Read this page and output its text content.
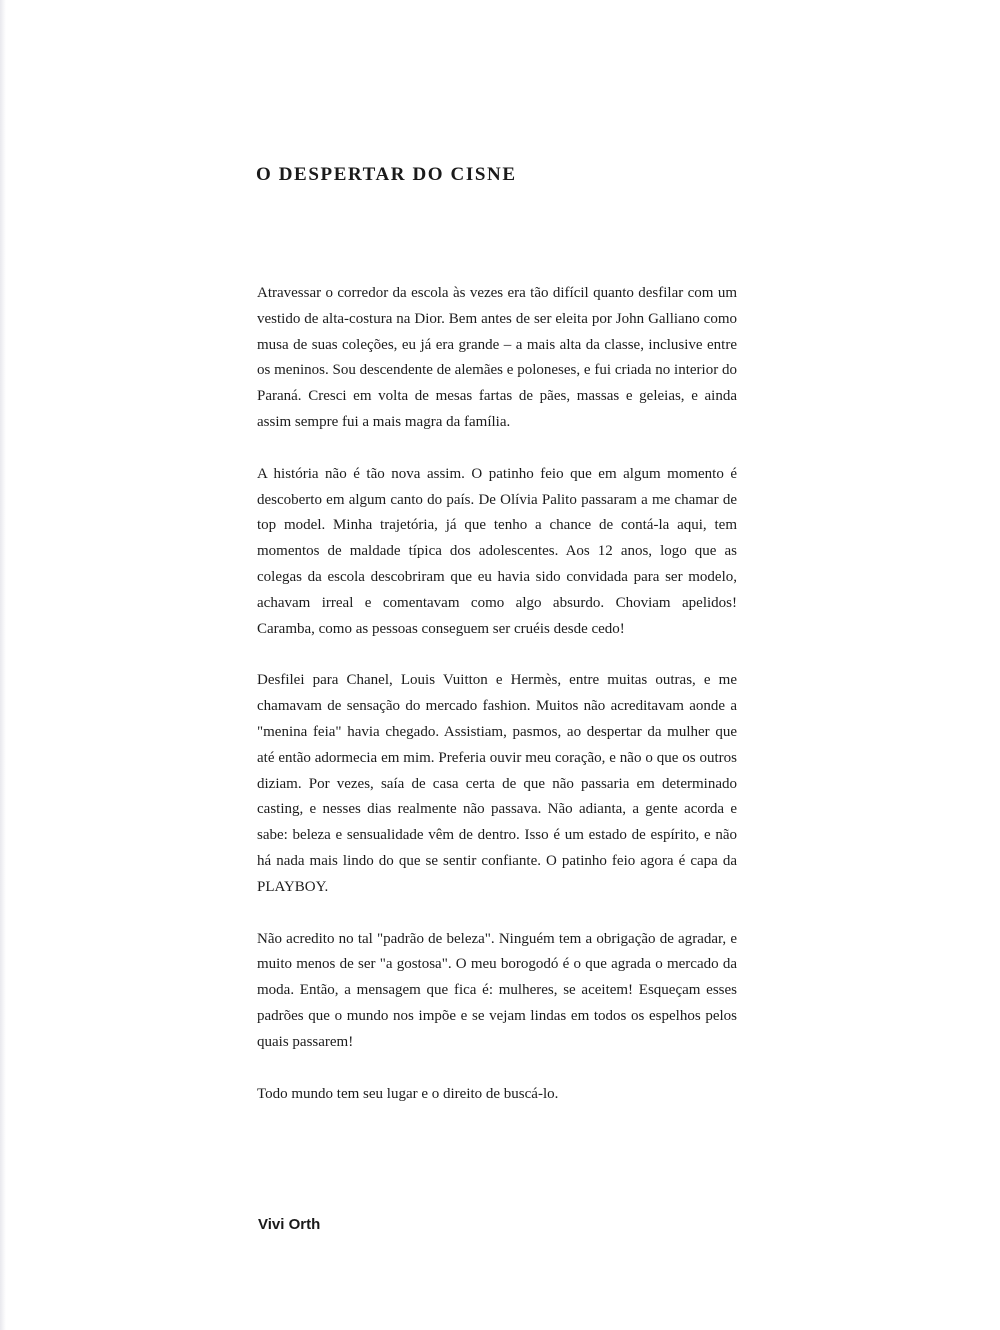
O DESPERTAR DO CISNE

Atravessar o corredor da escola às vezes era tão difícil quanto desfilar com um vestido de alta-costura na Dior. Bem antes de ser eleita por John Galliano como musa de suas coleções, eu já era grande – a mais alta da classe, inclusive entre os meninos. Sou descendente de alemães e poloneses, e fui criada no interior do Paraná. Cresci em volta de mesas fartas de pães, massas e geleias, e ainda assim sempre fui a mais magra da família.

A história não é tão nova assim. O patinho feio que em algum momento é descoberto em algum canto do país. De Olívia Palito passaram a me chamar de top model. Minha trajetória, já que tenho a chance de contá-la aqui, tem momentos de maldade típica dos adolescentes. Aos 12 anos, logo que as colegas da escola descobriram que eu havia sido convidada para ser modelo, achavam irreal e comentavam como algo absurdo. Choviam apelidos! Caramba, como as pessoas conseguem ser cruéis desde cedo!

Desfilei para Chanel, Louis Vuitton e Hermès, entre muitas outras, e me chamavam de sensação do mercado fashion. Muitos não acreditavam aonde a "menina feia" havia chegado. Assistiam, pasmos, ao despertar da mulher que até então adormecia em mim. Preferia ouvir meu coração, e não o que os outros diziam. Por vezes, saía de casa certa de que não passaria em determinado casting, e nesses dias realmente não passava. Não adianta, a gente acorda e sabe: beleza e sensualidade vêm de dentro. Isso é um estado de espírito, e não há nada mais lindo do que se sentir confiante. O patinho feio agora é capa da PLAYBOY.

Não acredito no tal "padrão de beleza". Ninguém tem a obrigação de agradar, e muito menos de ser "a gostosa". O meu borogodó é o que agrada o mercado da moda. Então, a mensagem que fica é: mulheres, se aceitem! Esqueçam esses padrões que o mundo nos impõe e se vejam lindas em todos os espelhos pelos quais passarem!

Todo mundo tem seu lugar e o direito de buscá-lo.

Vivi Orth
